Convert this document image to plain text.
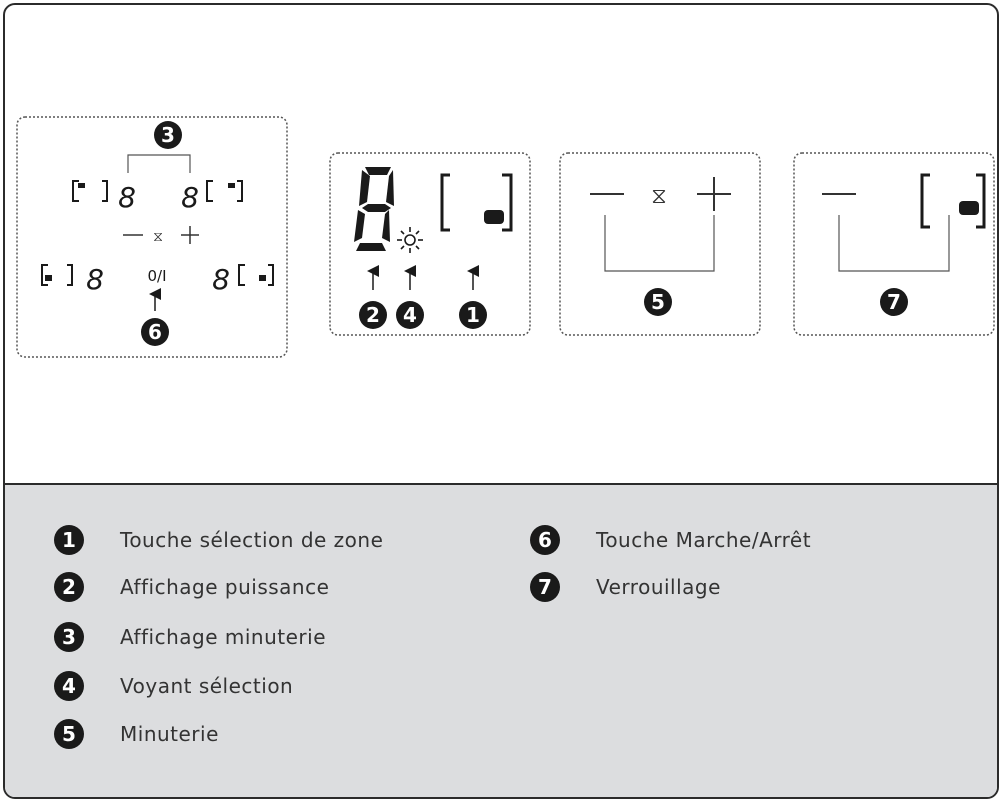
3
8 8
⧖
8	0/I 8
6
2 4 1
⧖
5	7
1	Touche sélection de zone
2	Affichage puissance
3	Affichage minuterie
4	Voyant sélection
5	Minuterie
6	Touche Marche/Arrêt
7	Verrouillage
